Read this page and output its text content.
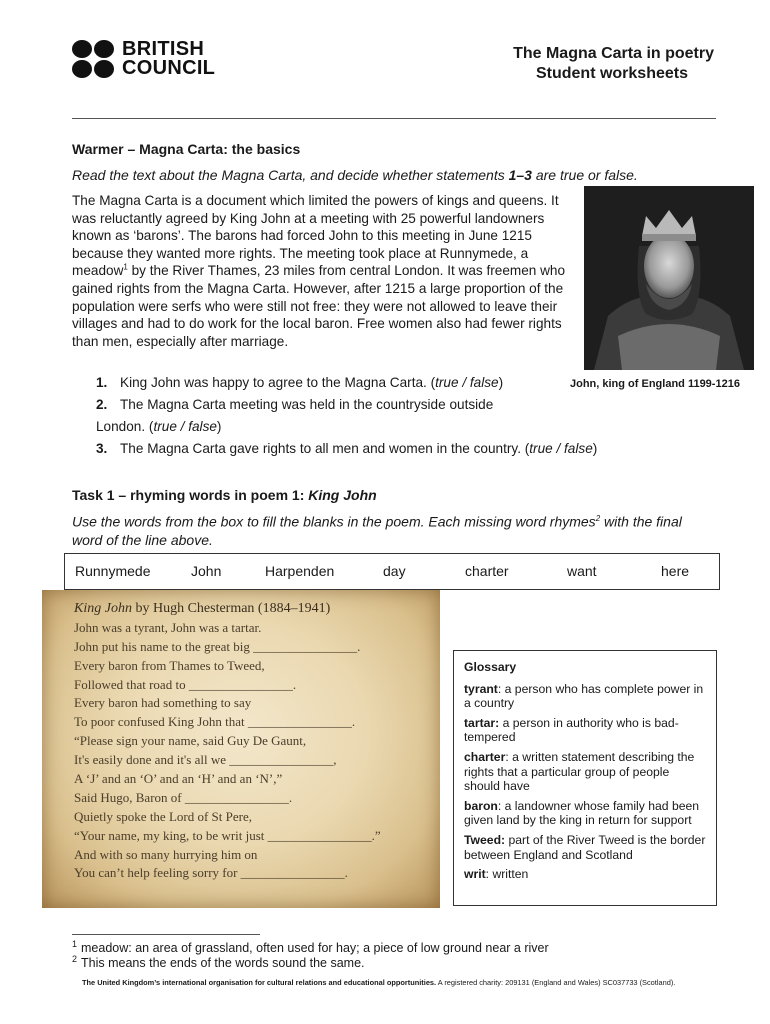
BRITISH
COUNCIL
The Magna Carta in poetry
Student worksheets
Warmer – Magna Carta: the basics
Read the text about the Magna Carta, and decide whether statements 1–3 are true or false.
The Magna Carta is a document which limited the powers of kings and queens. It was reluctantly agreed by King John at a meeting with 25 powerful landowners known as ‘barons’. The barons had forced John to this meeting in June 1215 because they wanted more rights. The meeting took place at Runnymede, a meadow$^1$ by the River Thames, 23 miles from central London. It was freemen who gained rights from the Magna Carta. However, after 1215 a large proportion of the population were serfs who were still not free: they were not allowed to leave their villages and had to do work for the local baron. Free women also had fewer rights than men, especially after marriage.
John, king of England 1199-1216
1. King John was happy to agree to the Magna Carta. (true / false)
2. The Magna Carta meeting was held in the countryside outside
London. ( true / false )
3. The Magna Carta gave rights to all men and women in the country. (true / false)
Task 1 – rhyming words in poem 1: King John
Use the words from the box to fill the blanks in the poem. Each missing word rhymes$^2$ with the final word of the line above.
Runnymede	John	Harpenden	day	charter	want	here
King John by Hugh Chesterman (1884–1941)
John was a tyrant, John was a tartar.
John put his name to the great big ________________.
Every baron from Thames to Tweed,
Followed that road to ________________.
Every baron had something to say
To poor confused King John that ________________.
“Please sign your name, said Guy De Gaunt,
It's easily done and it's all we ________________,
A ‘J’ and an ‘O’ and an ‘H’ and an ‘N’,”
Said Hugo, Baron of ________________.
Quietly spoke the Lord of St Pere,
“Your name, my king, to be writ just ________________.”
And with so many hurrying him on
You can’t help feeling sorry for ________________.
Glossary
tyrant: a person who has complete power in a country
tartar: a person in authority who is bad-tempered
charter: a written statement describing the rights that a particular group of people should have
baron: a landowner whose family had been given land by the king in return for support
Tweed: part of the River Tweed is the border between England and Scotland
writ: written
$^1$ meadow: an area of grassland, often used for hay; a piece of low ground near a river
$^2$ This means the ends of the words sound the same.
The United Kingdom’s international organisation for cultural relations and educational opportunities. A registered charity: 209131 (England and Wales) SC037733 (Scotland).
